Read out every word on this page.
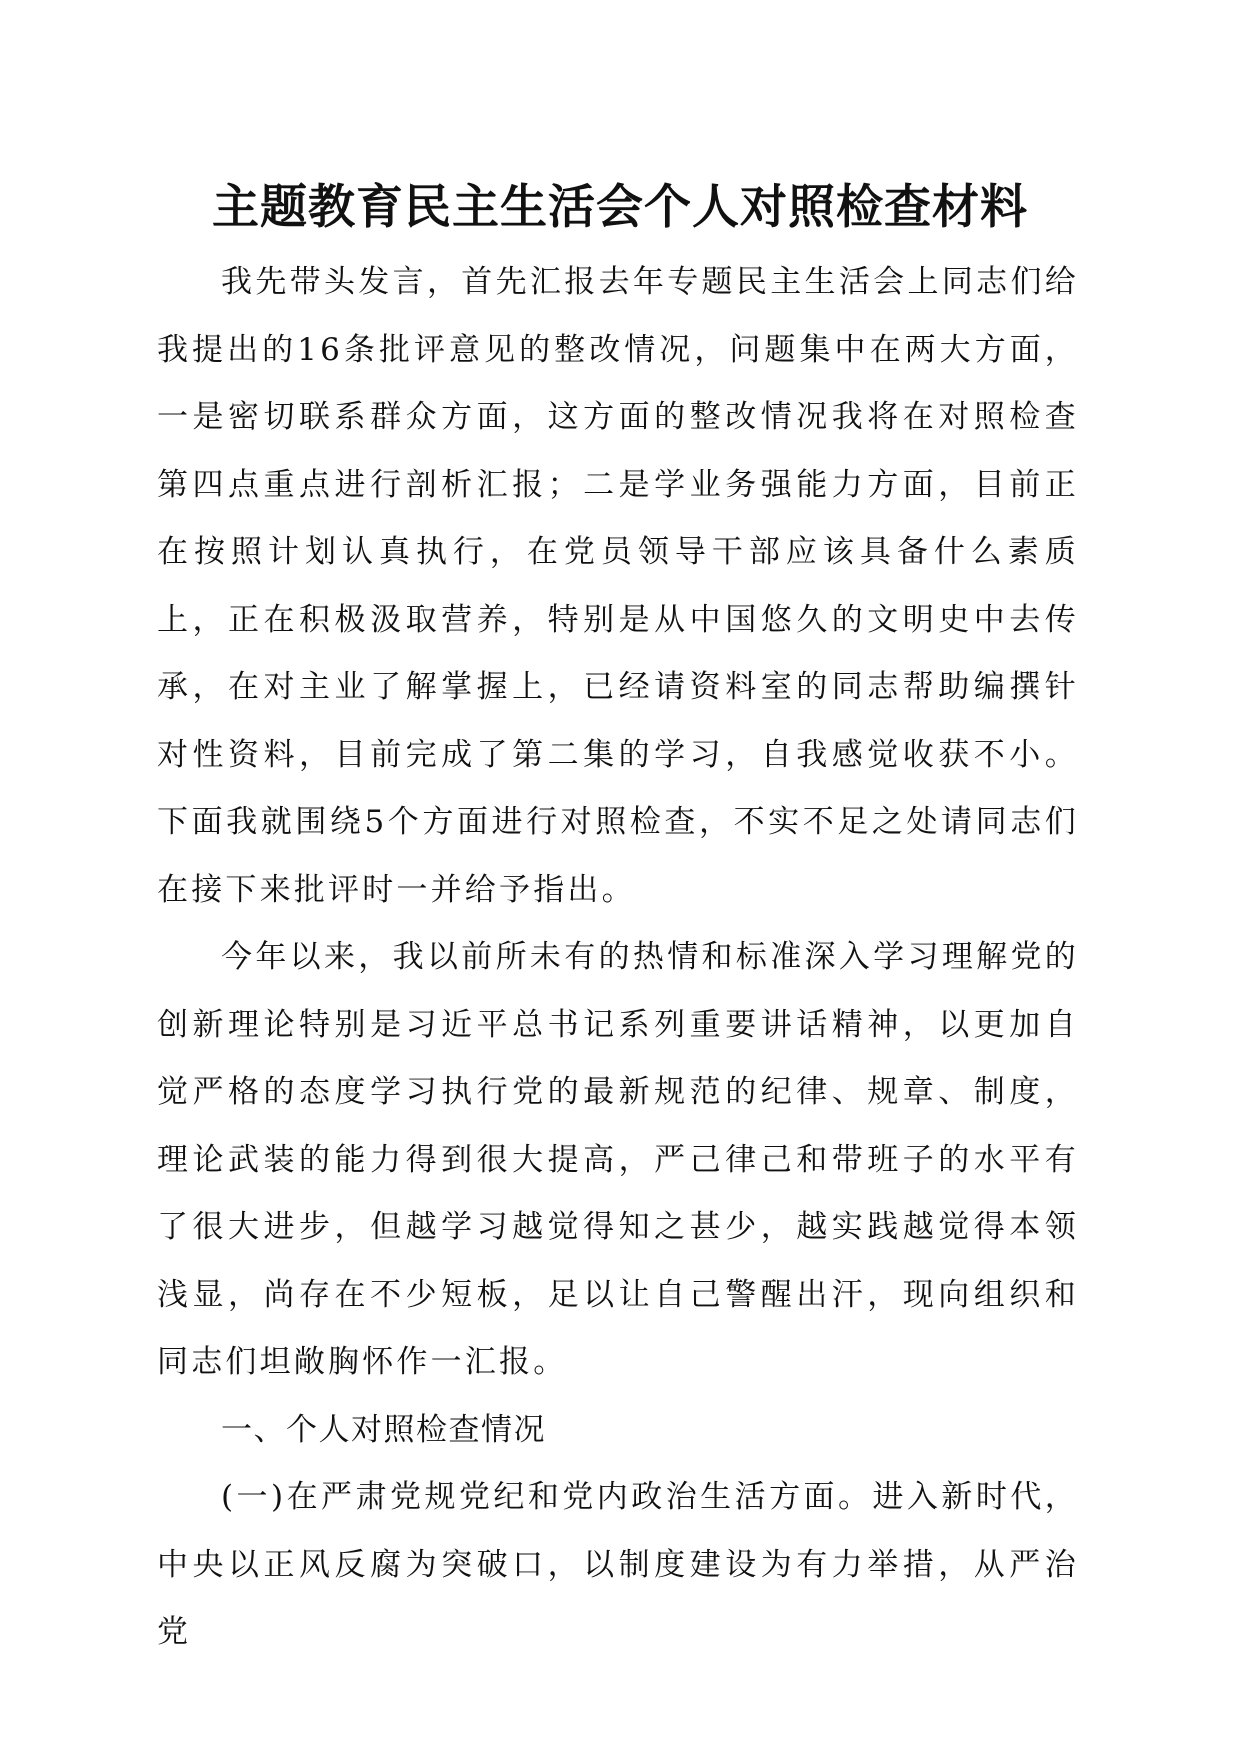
主题教育民主生活会个人对照检查材料

我先带头发言，首先汇报去年专题民主生活会上同志们给我提出的16条批评意见的整改情况，问题集中在两大方面，一是密切联系群众方面，这方面的整改情况我将在对照检查第四点重点进行剖析汇报；二是学业务强能力方面，目前正在按照计划认真执行，在党员领导干部应该具备什么素质上，正在积极汲取营养，特别是从中国悠久的文明史中去传承，在对主业了解掌握上，已经请资料室的同志帮助编撰针对性资料，目前完成了第二集的学习，自我感觉收获不小。下面我就围绕5个方面进行对照检查，不实不足之处请同志们在接下来批评时一并给予指出。

今年以来，我以前所未有的热情和标准深入学习理解党的创新理论特别是习近平总书记系列重要讲话精神，以更加自觉严格的态度学习执行党的最新规范的纪律、规章、制度，理论武装的能力得到很大提高，严己律己和带班子的水平有了很大进步，但越学习越觉得知之甚少，越实践越觉得本领浅显，尚存在不少短板，足以让自己警醒出汗，现向组织和同志们坦敞胸怀作一汇报。

一、个人对照检查情况

(一)在严肃党规党纪和党内政治生活方面。进入新时代，中央以正风反腐为突破口，以制度建设为有力举措，从严治党
